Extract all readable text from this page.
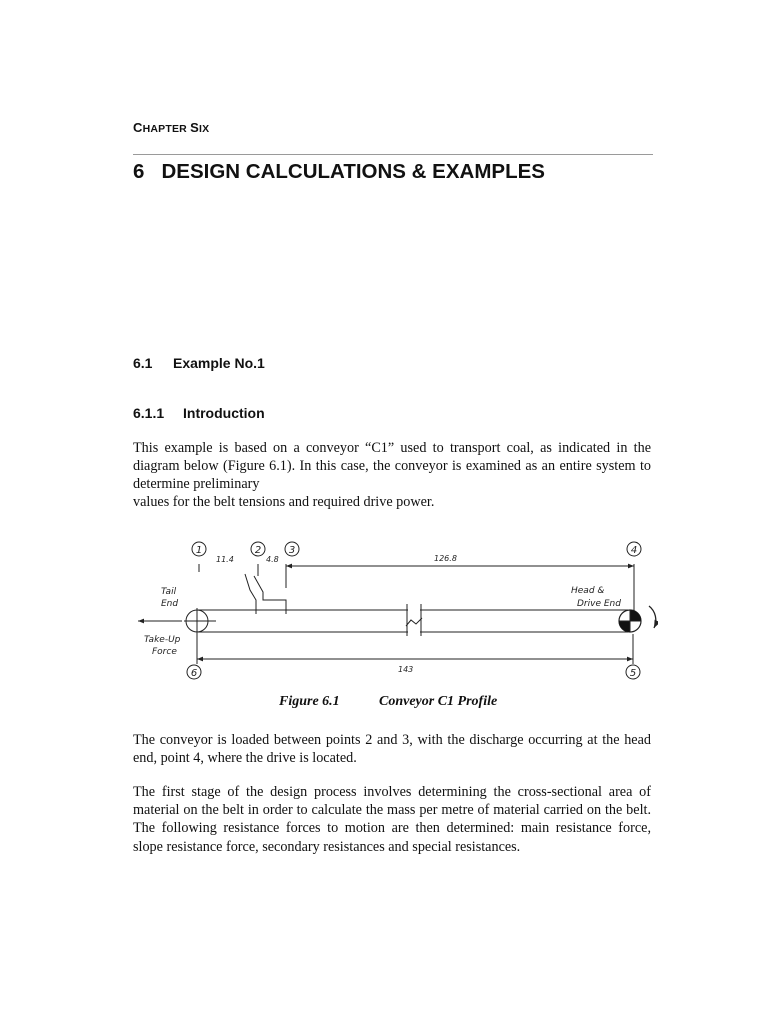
CHAPTER SIX
6   DESIGN CALCULATIONS & EXAMPLES
6.1 Example No.1
6.1.1 Introduction
This example is based on a conveyor “C1” used to transport coal, as indicated in the diagram below (Figure 6.1). In this case, the conveyor is examined as an entire system to determine preliminary
values for the belt tensions and required drive power.
1	2	3	4
5
6
11.4	4.8	126.8
Tail
End
Head &
Drive End
Take-Up
Force
143
Figure 6.1	Conveyor C1 Profile
The conveyor is loaded between points 2 and 3, with the discharge occurring at the head end, point 4, where the drive is located.
The first stage of the design process involves determining the cross-sectional area of material on the belt in order to calculate the mass per metre of material carried on the belt. The following resistance forces to motion are then determined: main resistance force, slope resistance force, secondary resistances and special resistances.
